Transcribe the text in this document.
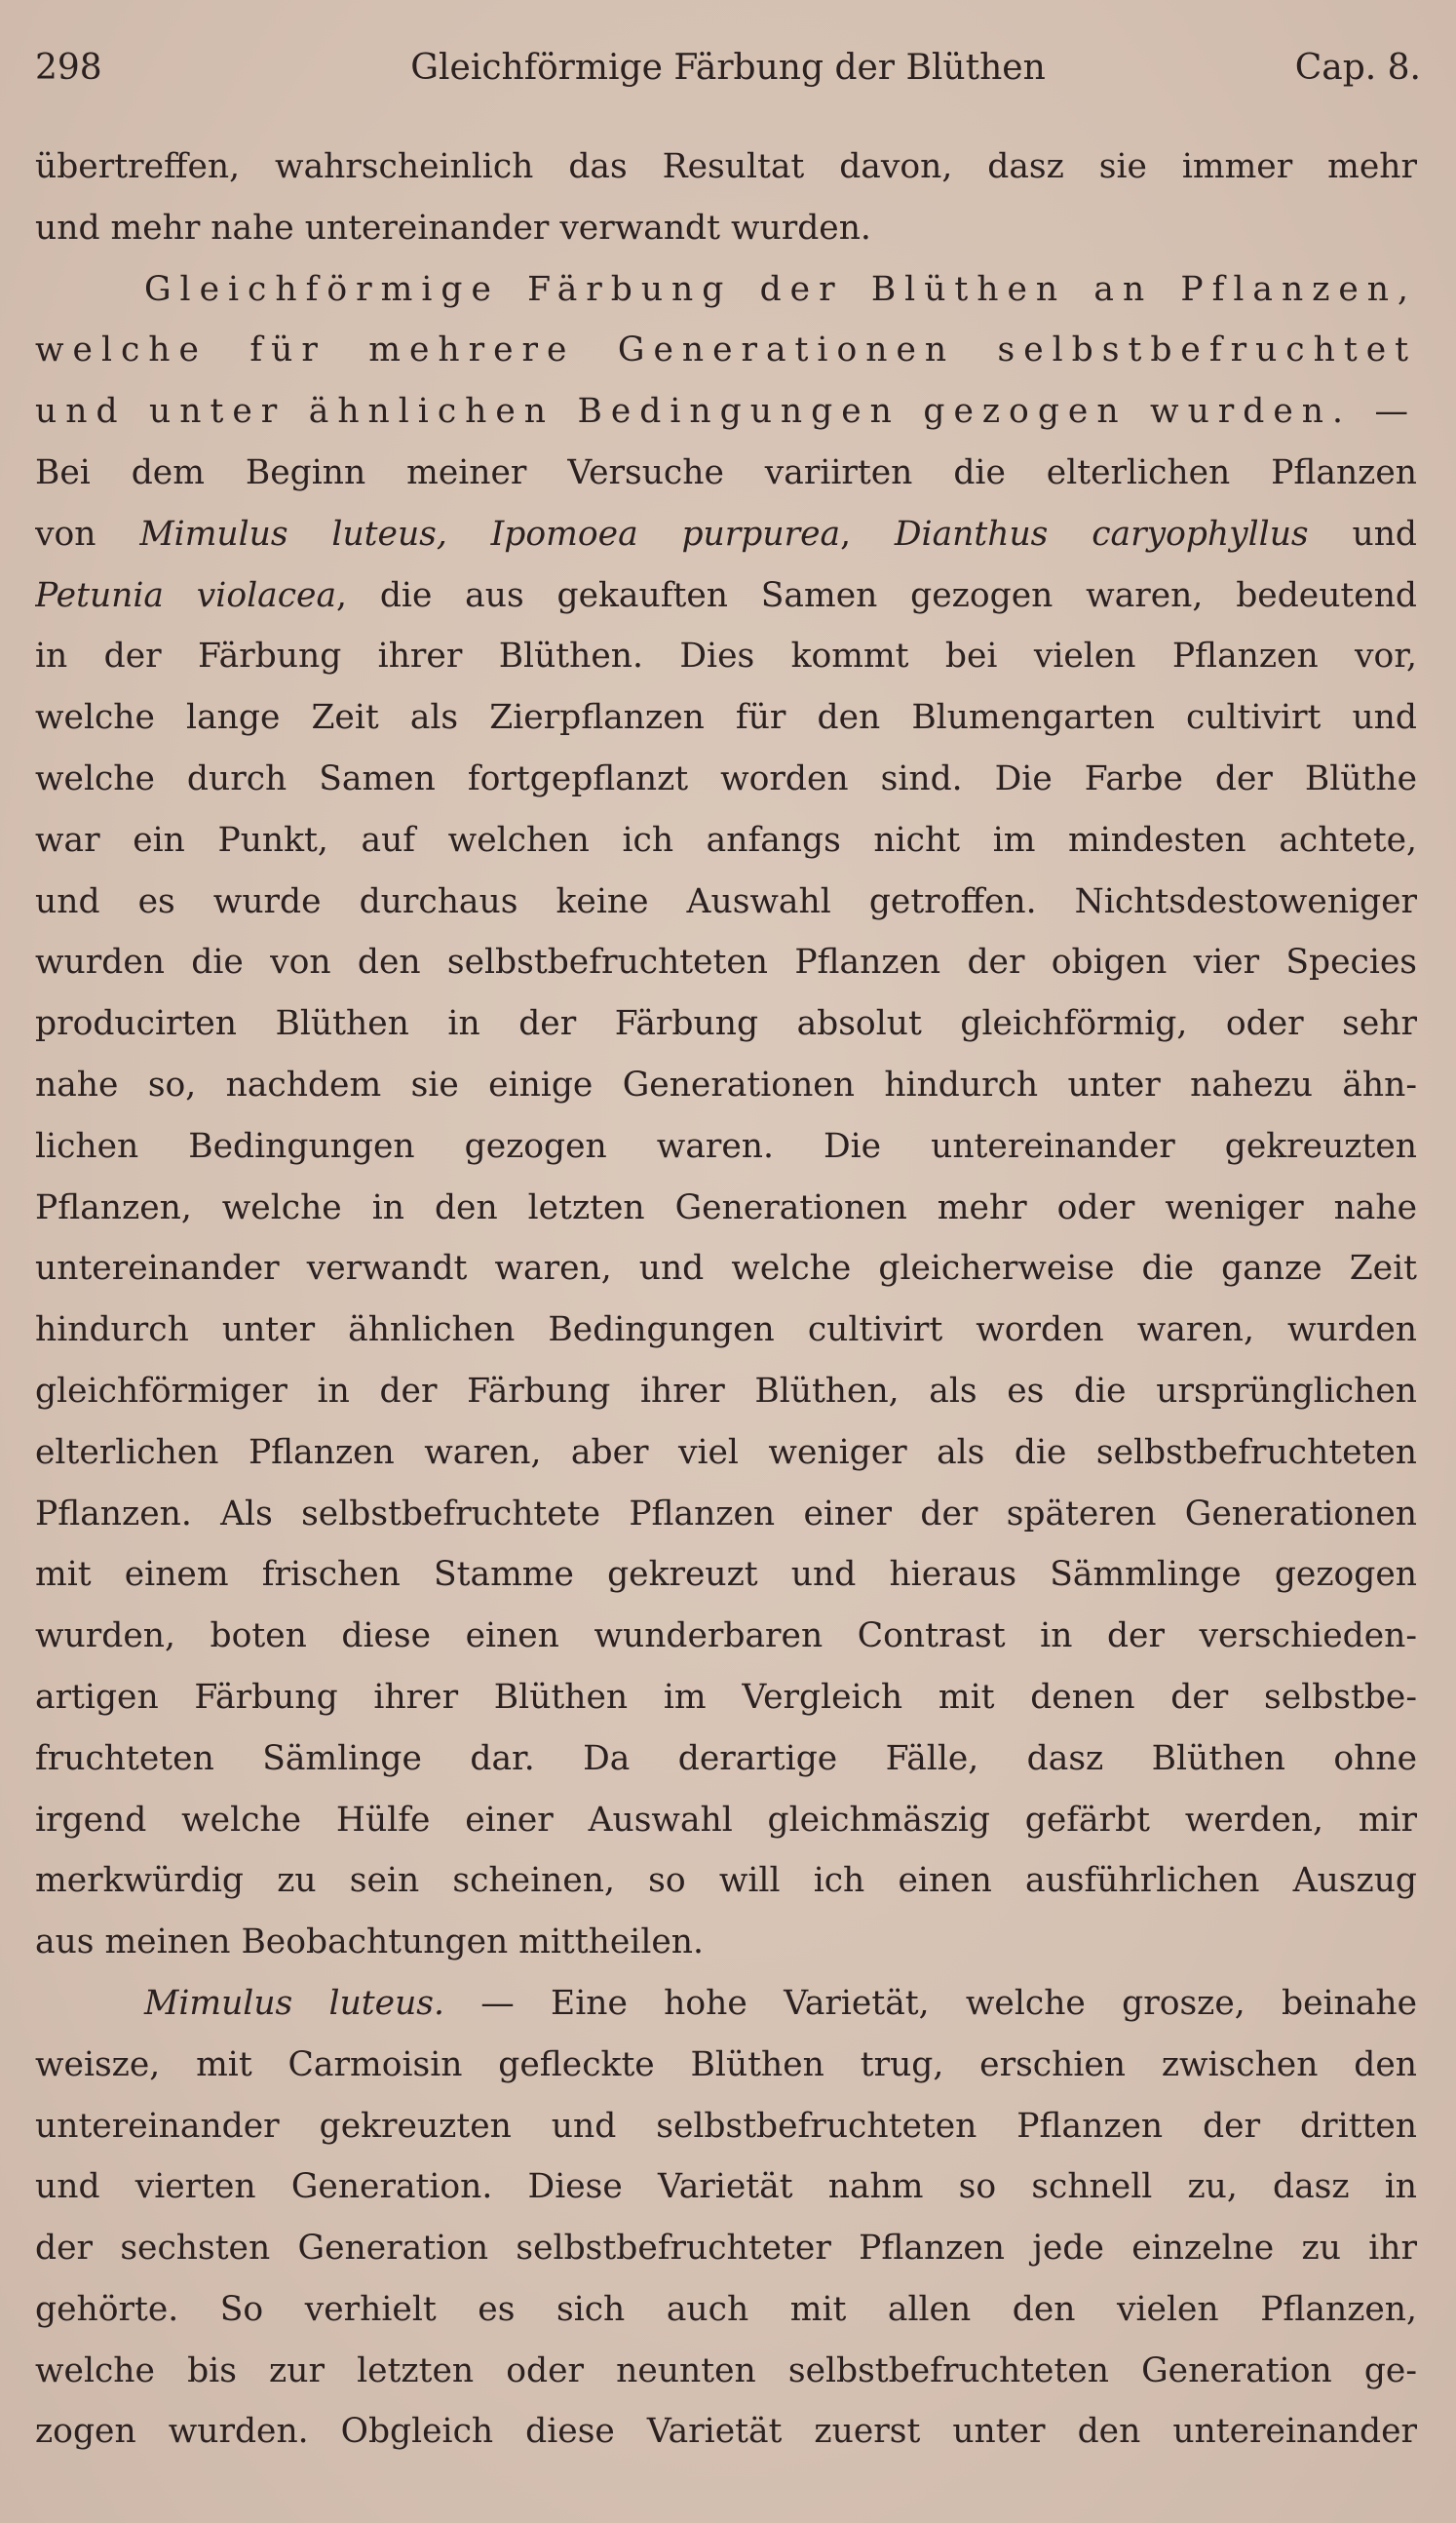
298	Gleichförmige Färbung der Blüthen	Cap. 8.
übertreffen, wahrscheinlich das Resultat davon, dasz sie immer mehr
und mehr nahe untereinander verwandt wurden.
Gleichförmige Färbung der Blüthen an Pflanzen,
welche für mehrere Generationen selbstbefruchtet
und unter ähnlichen Bedingungen gezogen wurden. —
Bei dem Beginn meiner Versuche variirten die elterlichen Pflanzen
von Mimulus luteus, Ipomoea purpurea, Dianthus caryophyllus und
Petunia violacea, die aus gekauften Samen gezogen waren, bedeutend
in der Färbung ihrer Blüthen. Dies kommt bei vielen Pflanzen vor,
welche lange Zeit als Zierpflanzen für den Blumengarten cultivirt und
welche durch Samen fortgepflanzt worden sind. Die Farbe der Blüthe
war ein Punkt, auf welchen ich anfangs nicht im mindesten achtete,
und es wurde durchaus keine Auswahl getroffen. Nichtsdestoweniger
wurden die von den selbstbefruchteten Pflanzen der obigen vier Species
producirten Blüthen in der Färbung absolut gleichförmig, oder sehr
nahe so, nachdem sie einige Generationen hindurch unter nahezu ähn-
lichen Bedingungen gezogen waren. Die untereinander gekreuzten
Pflanzen, welche in den letzten Generationen mehr oder weniger nahe
untereinander verwandt waren, und welche gleicherweise die ganze Zeit
hindurch unter ähnlichen Bedingungen cultivirt worden waren, wurden
gleichförmiger in der Färbung ihrer Blüthen, als es die ursprünglichen
elterlichen Pflanzen waren, aber viel weniger als die selbstbefruchteten
Pflanzen. Als selbstbefruchtete Pflanzen einer der späteren Generationen
mit einem frischen Stamme gekreuzt und hieraus Sämmlinge gezogen
wurden, boten diese einen wunderbaren Contrast in der verschieden-
artigen Färbung ihrer Blüthen im Vergleich mit denen der selbstbe-
fruchteten Sämlinge dar. Da derartige Fälle, dasz Blüthen ohne
irgend welche Hülfe einer Auswahl gleichmäszig gefärbt werden, mir
merkwürdig zu sein scheinen, so will ich einen ausführlichen Auszug
aus meinen Beobachtungen mittheilen.
Mimulus luteus. — Eine hohe Varietät, welche grosze, beinahe
weisze, mit Carmoisin gefleckte Blüthen trug, erschien zwischen den
untereinander gekreuzten und selbstbefruchteten Pflanzen der dritten
und vierten Generation. Diese Varietät nahm so schnell zu, dasz in
der sechsten Generation selbstbefruchteter Pflanzen jede einzelne zu ihr
gehörte. So verhielt es sich auch mit allen den vielen Pflanzen,
welche bis zur letzten oder neunten selbstbefruchteten Generation ge-
zogen wurden. Obgleich diese Varietät zuerst unter den untereinander
